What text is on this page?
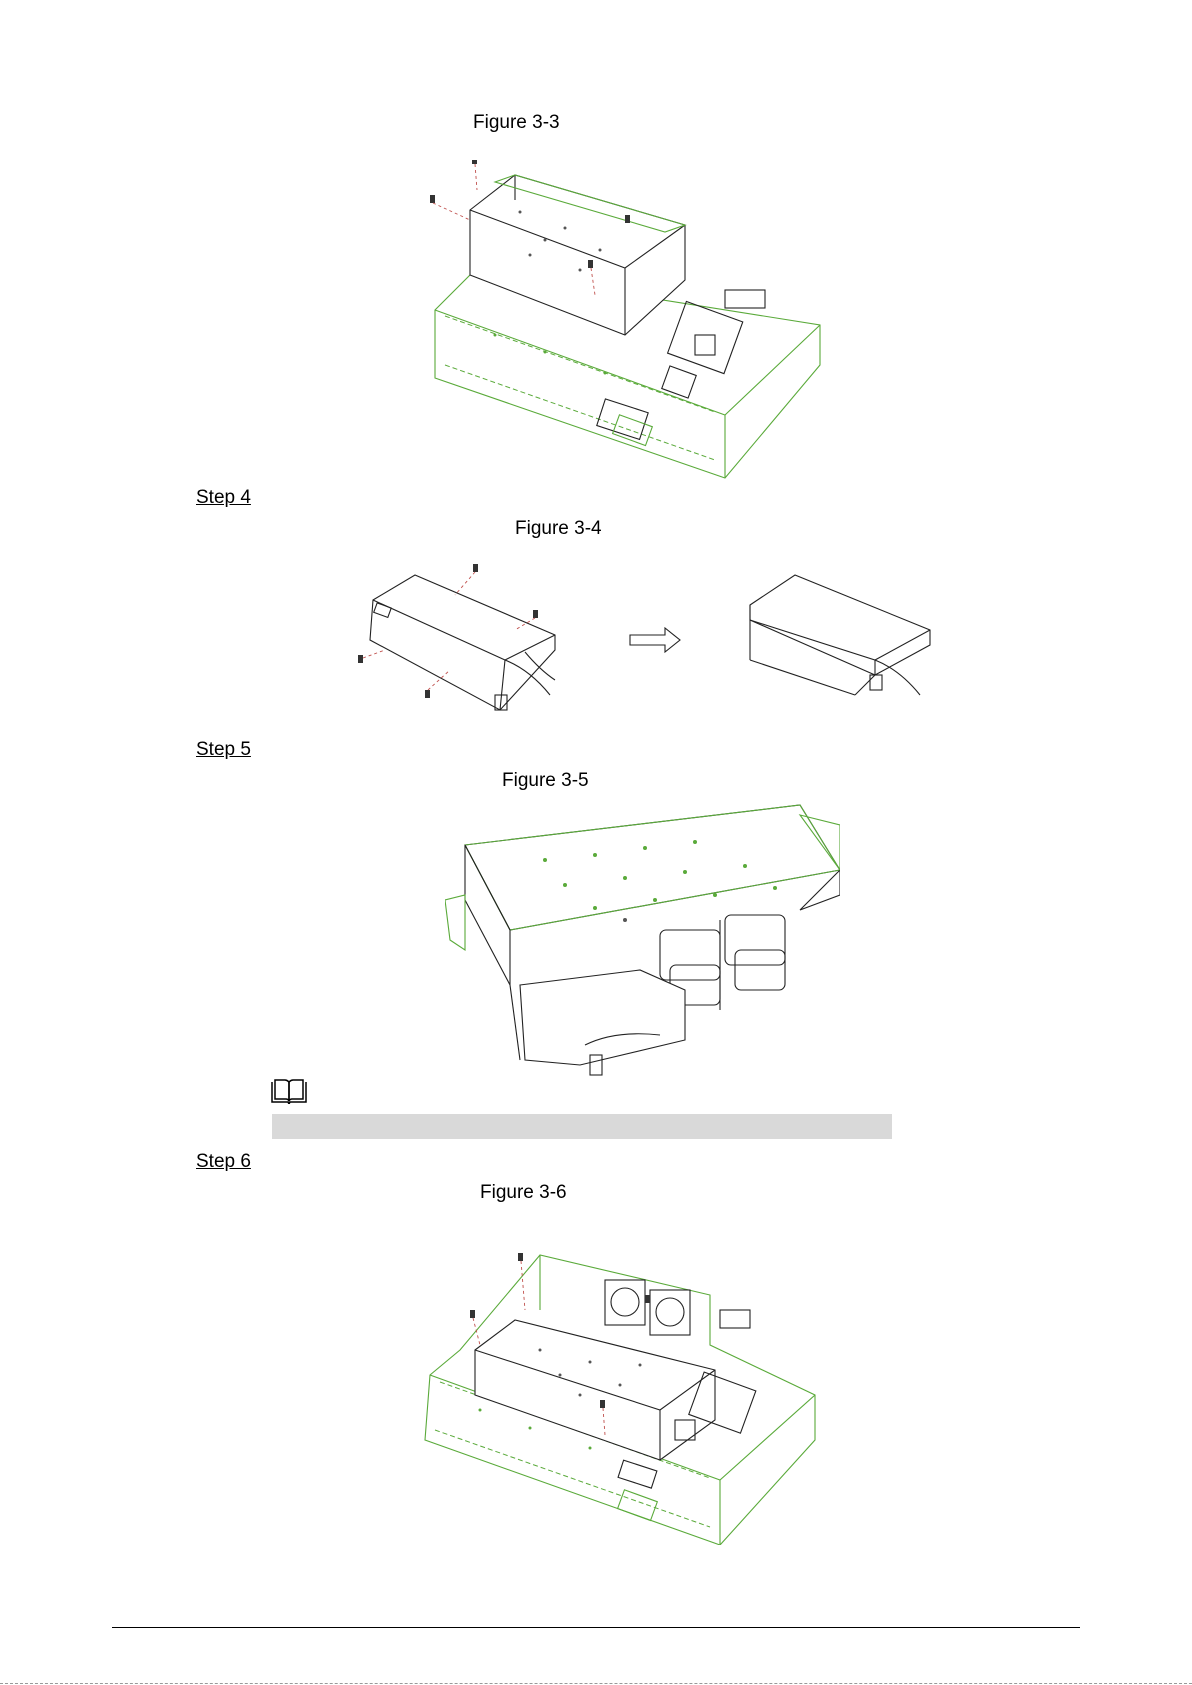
Figure 3-3
Step 4
Figure 3-4
Step 5
Figure 3-5
Step 6
Figure 3-6
